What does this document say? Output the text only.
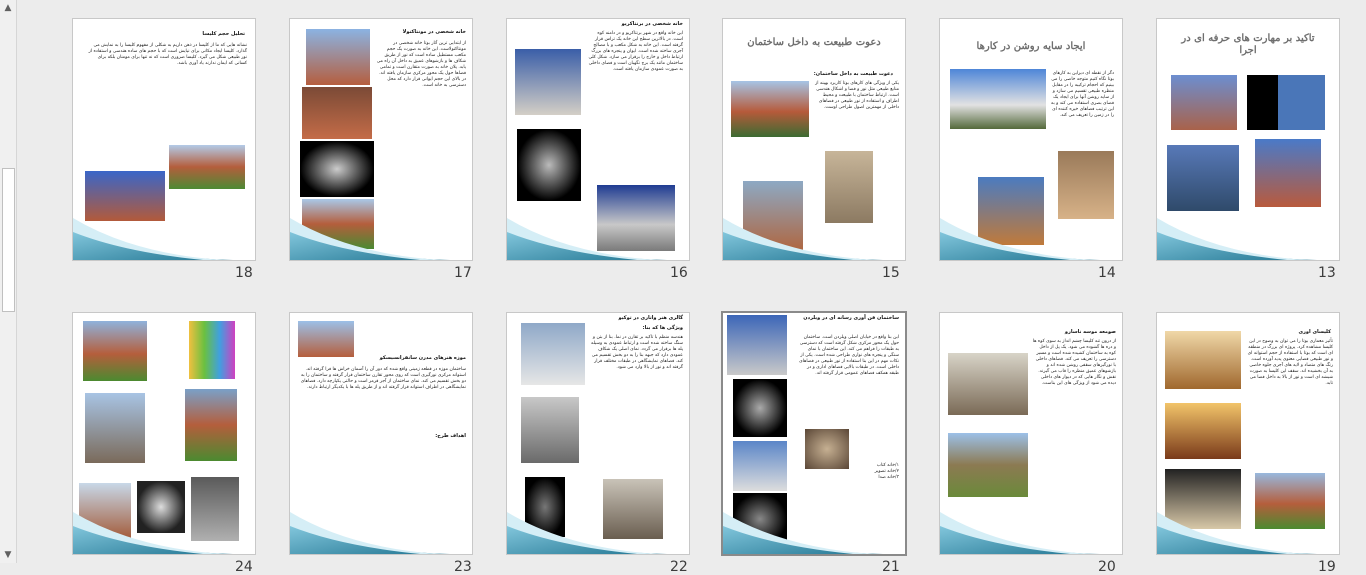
▲
▼
تاکید بر مهارت های حرفه ای در اجرا
13
ایجاد سایه روشن در کارها
دگر از نقطه ای دیزاین به کارهای بوتا نگاه کنیم متوجه خاصی را می بینیم که احجام ترکیبه را در مقابل منظره طبیعی تقسیم می سازد و از سایه روشن آنها برای ایجاد یک فضای بصری استفاده می کند و به این ترتیب فضاهای خیره کننده ای را در زمین را تعریف می کند.
14
دعوت طبیعت به داخل ساختمان
دعوت طبیعت به داخل ساختمان:
یکی از ویژگی های کارهای بوتا کاربرد بهینه از منابع طبیعی مثل نور و فضا و اشکال هندسی است. ارتباط ساختمان با طبیعت و محیط اطراف و استفاده از نور طبیعی در فضاهای داخلی از مهمترین اصول طراحی اوست.
15
خانه شخصی در برنتاکریو
این خانه واقع در شهر برنتاکریو و در دامنه کوه است. در بالاترین سطح این خانه یک تراس قرار گرفته است. این خانه به شکل مکعب و با مصالح آجری ساخته شده است. ایوان و پنجره های بزرگ ارتباط داخل و خارج را برقرار می سازد. شکل کلی ساختمان مانند یک برج نگهبان است و فضای داخلی به صورت عمودی سازمان یافته است.
16
خانه شخصی در مونتاکنولا
از ابتدایی ترین آثار بوتا خانه شخصی در مونتاکنولاست. این خانه به صورت یک حجم مکعب مستطیل ساده است که نور از طریق شکاف ها و بازشوهای عمیق به داخل آن راه می یابد. پلان خانه به صورت متقارن است و تمامی فضاها حول یک محور مرکزی سازمان یافته اند. در بالای این حجم ایوانی قرار دارد که محل دسترسی به خانه است.
17
تحلیل حجم کلیسا
نشانه هایی که ما از کلیسا در ذهن داریم به شکلی از مفهوم کلیسا را به نمایش می گذارد. کلیسا ایجاد مکانی برای نیایش است که با حجم های ساده هندسی و استفاده از نور طبیعی شکل می گیرد. کلیسا ضروری است که نه تنها برای مومنان بلکه برای کسانی که ایمان ندارند یاد آوری باشد.
18
کلیسای اوری
تأثیر معماری بوتا را می توان به وضوح در این کلیسا مشاهده کرد. پروژه ای بزرگ در منطقه ای است که بوتا با استفاده از حجم استوانه ای و نور طبیعی فضایی معنوی پدید آورده است. رنگ های متضاد و لایه های آجری جلوه خاصی به آن بخشیده اند. سقف این کلیسا به صورت شیشه ای است و نور از بالا به داخل فضا می تابد.
19
صومعه موسه ناسارو
از درون تنه کلیسا چشم انداز به سوی کوه ها و دره ها گشوده می شود. یک پل از داخل کوه به ساختمان کشیده شده است و مسیر دسترسی را تعریف می کند. فضاهای داخلی با نورگیرهای سقفی روشن شده اند و بازشوهای عمیق منظره را قاب می گیرند. نقش و نگار هایی که در دیوار های داخلی دیده می شود از ویژگی های این بناست.
20
ساختمان فن آوری رسانه ای در ویلردن
این بنا واقع در خیابان اصلی ویلردن است. ساختمان حول یک محور مرکزی شکل گرفته است که دسترسی به طبقات را فراهم می کند. این ساختمان با نمای سنگی و پنجره های نواری طراحی شده است. یکی از نکات مهم در این بنا استفاده از نور طبیعی در فضاهای داخلی است. در طبقات بالایی فضاهای اداری و در طبقه همکف فضاهای عمومی قرار گرفته اند.
۱/خانه کتاب
۲/خانه تصویر
۳/خانه صدا
21
گالری هنر واتاری در توکیو
ویژگی ها که بنا:
هندسه منظم با تاکید بر تقارن در نما. بنا از بتن و سنگ ساخته شده است و ارتباط عمودی به وسیله پله ها برقرار می گردد. نمای اصلی یک شکاف عمودی دارد که جبهه بنا را به دو بخش تقسیم می کند. فضاهای نمایشگاهی در طبقات مختلف قرار گرفته اند و نور از بالا وارد می شود.
22
موزه هنرهای مدرن سانفرانسیسکو
ساختمان موزه در قطعه زمینی واقع شده که دور آن را آسمان خراش ها فرا گرفته اند. استوانه مرکزی نورگیری است که روی محور تقارن ساختمان قرار گرفته و ساختمان را به دو بخش تقسیم می کند. نمای ساختمان از آجر قرمز است و حالتی یکپارچه دارد. فضاهای نمایشگاهی در اطراف استوانه قرار گرفته اند و از طریق پله ها با یکدیگر ارتباط دارند.
اهداف طرح:
23
24
